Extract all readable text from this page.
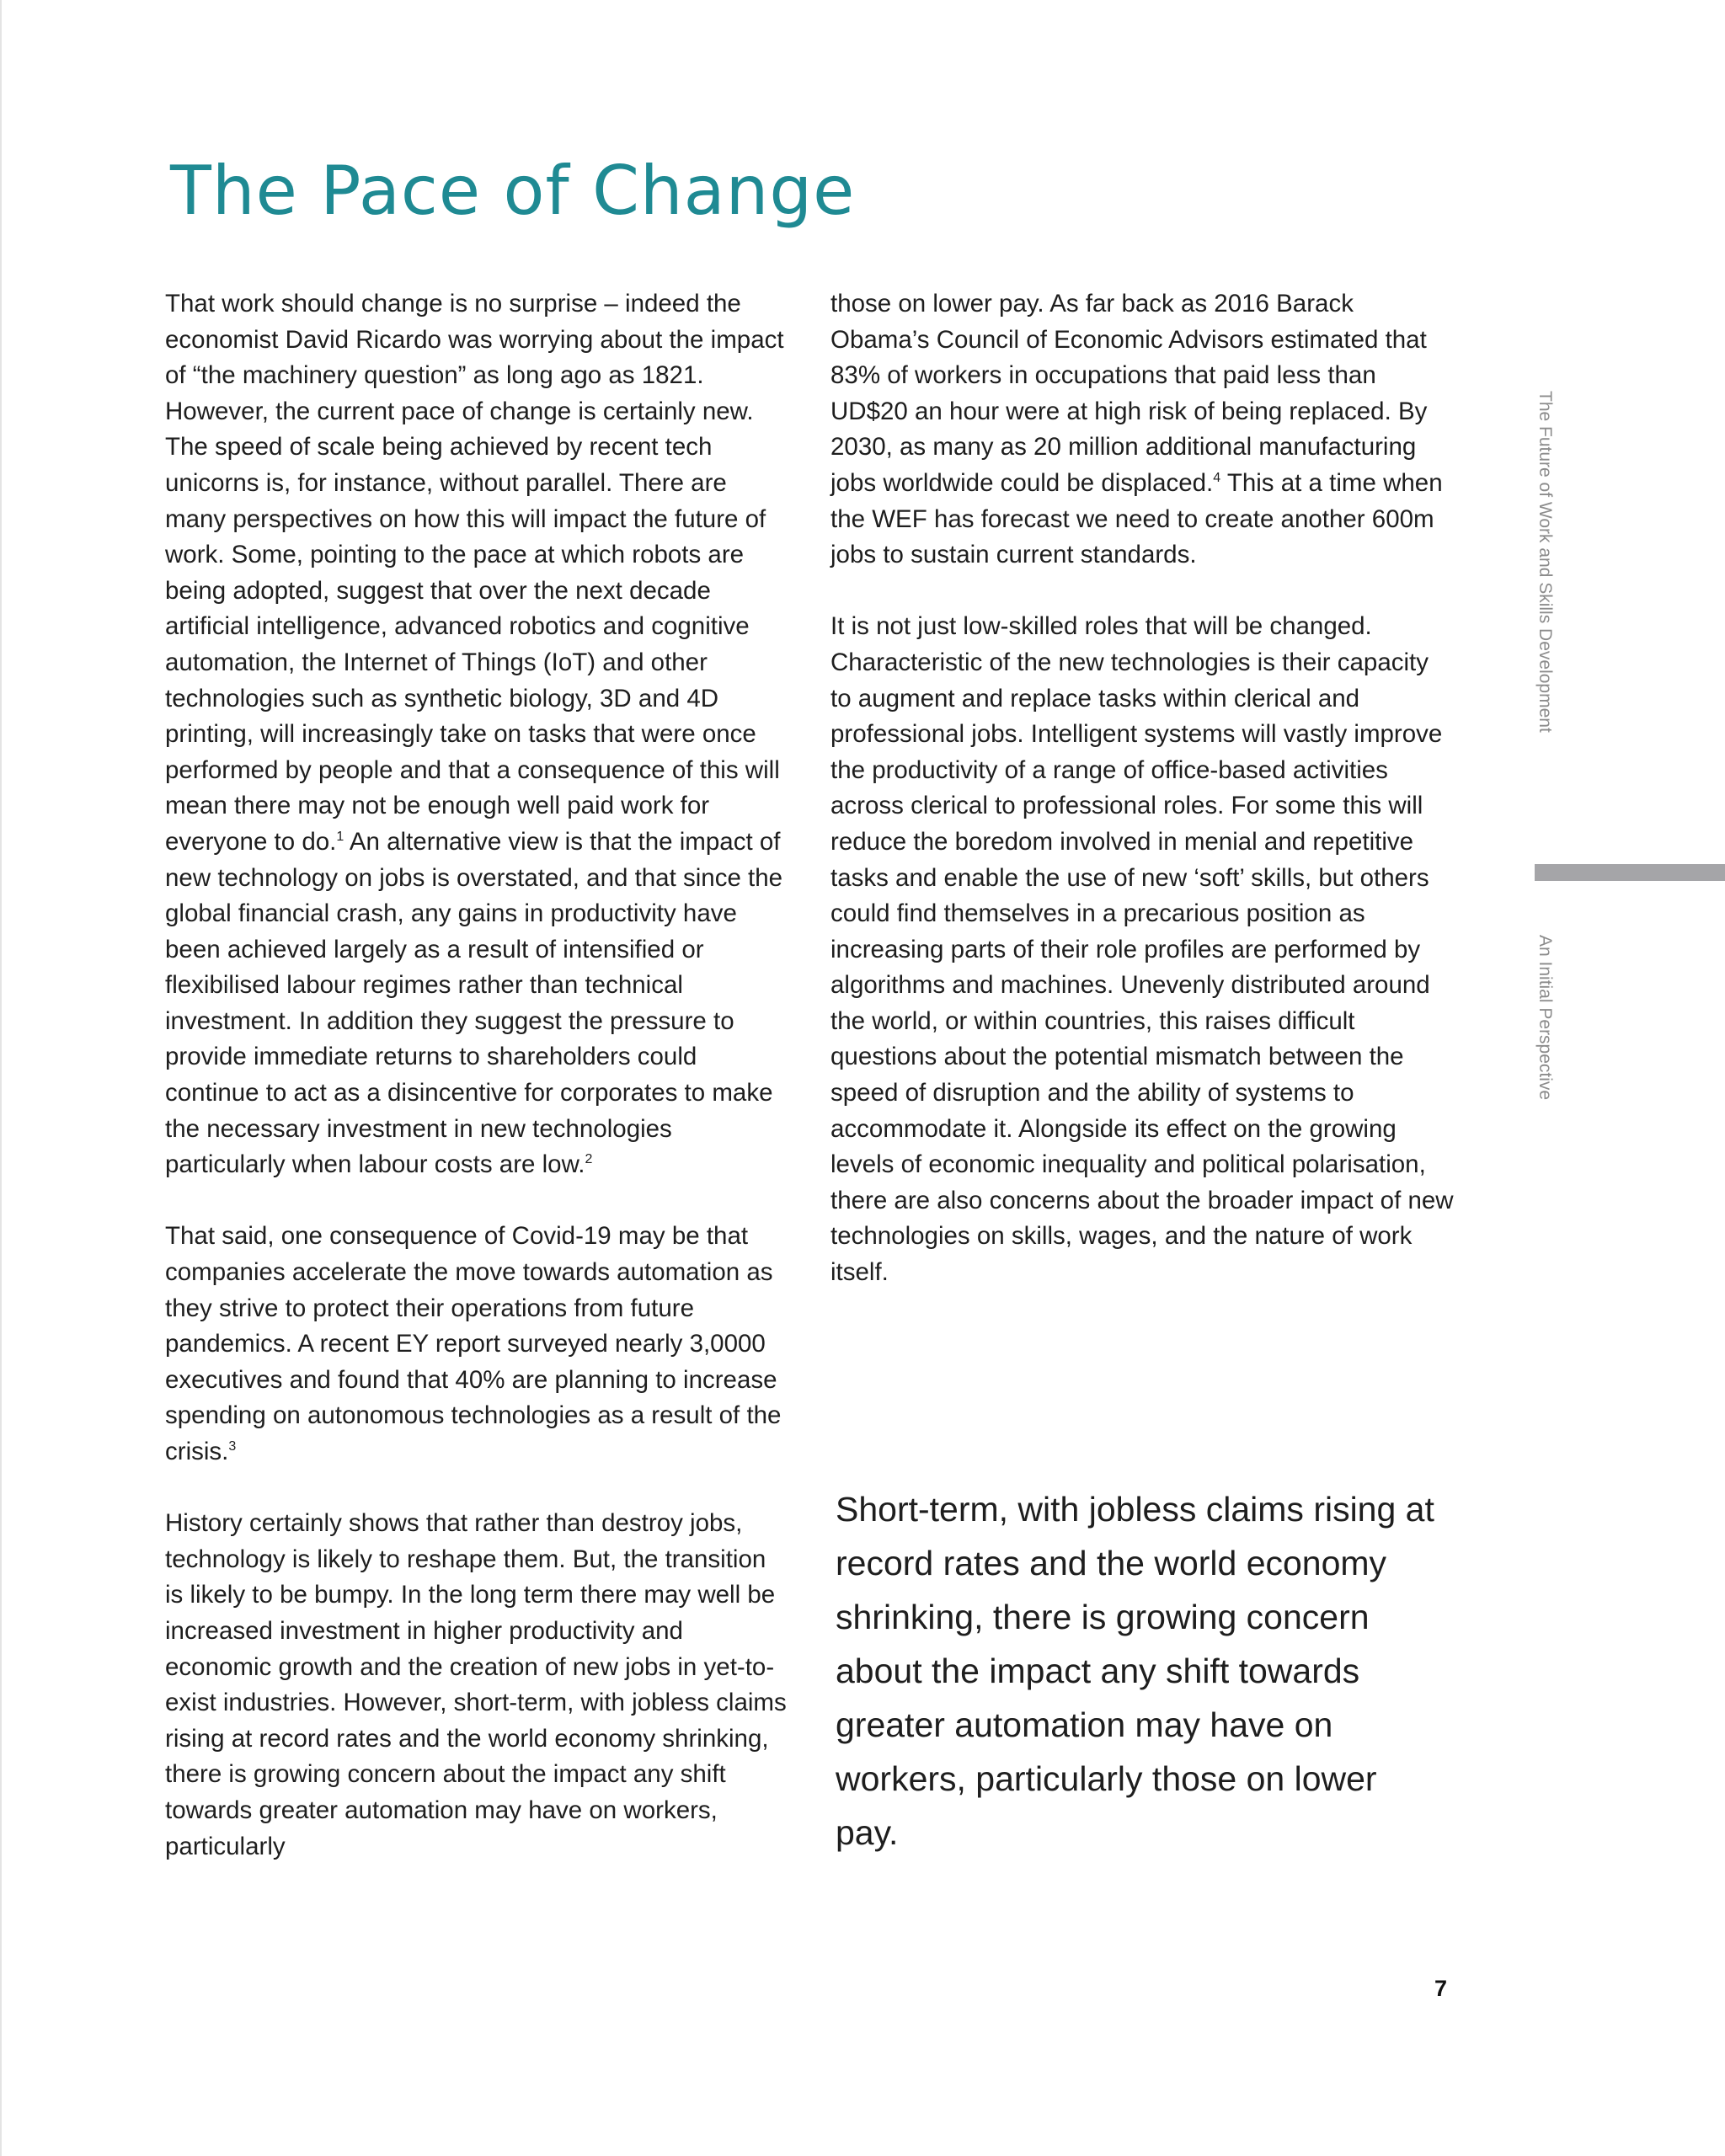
The Pace of Change

That work should change is no surprise – indeed the economist David Ricardo was worrying about the impact of “the machinery question” as long ago as 1821. However, the current pace of change is certainly new. The speed of scale being achieved by recent tech unicorns is, for instance, without parallel. There are many perspectives on how this will impact the future of work. Some, pointing to the pace at which robots are being adopted, suggest that over the next decade artificial intelligence, advanced robotics and cognitive automation, the Internet of Things (IoT) and other technologies such as synthetic biology, 3D and 4D printing, will increasingly take on tasks that were once performed by people and that a consequence of this will mean there may not be enough well paid work for everyone to do.$^1$ An alternative view is that the impact of new technology on jobs is overstated, and that since the global financial crash, any gains in productivity have been achieved largely as a result of intensified or flexibilised labour regimes rather than technical investment. In addition they suggest the pressure to provide immediate returns to shareholders could continue to act as a disincentive for corporates to make the necessary investment in new technologies particularly when labour costs are low.$^2$

That said, one consequence of Covid-19 may be that companies accelerate the move towards automation as they strive to protect their operations from future pandemics. A recent EY report surveyed nearly 3,0000 executives and found that 40% are planning to increase spending on autonomous technologies as a result of the crisis.$^3$

History certainly shows that rather than destroy jobs, technology is likely to reshape them. But, the transition is likely to be bumpy. In the long term there may well be increased investment in higher productivity and economic growth and the creation of new jobs in yet-to-exist industries. However, short-term, with jobless claims rising at record rates and the world economy shrinking, there is growing concern about the impact any shift towards greater automation may have on workers, particularly

those on lower pay. As far back as 2016 Barack Obama’s Council of Economic Advisors estimated that 83% of workers in occupations that paid less than UD$20 an hour were at high risk of being replaced. By 2030, as many as 20 million additional manufacturing jobs worldwide could be displaced.$^4$ This at a time when the WEF has forecast we need to create another 600m jobs to sustain current standards.

It is not just low-skilled roles that will be changed. Characteristic of the new technologies is their capacity to augment and replace tasks within clerical and professional jobs. Intelligent systems will vastly improve the productivity of a range of office-based activities across clerical to professional roles. For some this will reduce the boredom involved in menial and repetitive tasks and enable the use of new ‘soft’ skills, but others could find themselves in a precarious position as increasing parts of their role profiles are performed by algorithms and machines. Unevenly distributed around the world, or within countries, this raises difficult questions about the potential mismatch between the speed of disruption and the ability of systems to accommodate it. Alongside its effect on the growing levels of economic inequality and political polarisation, there are also concerns about the broader impact of new technologies on skills, wages, and the nature of work itself.

Short-term, with jobless claims rising at record rates and the world economy shrinking, there is growing concern about the impact any shift towards greater automation may have on workers, particularly those on lower pay.

The Future of Work and Skills Development
An Initial Perspective
7
